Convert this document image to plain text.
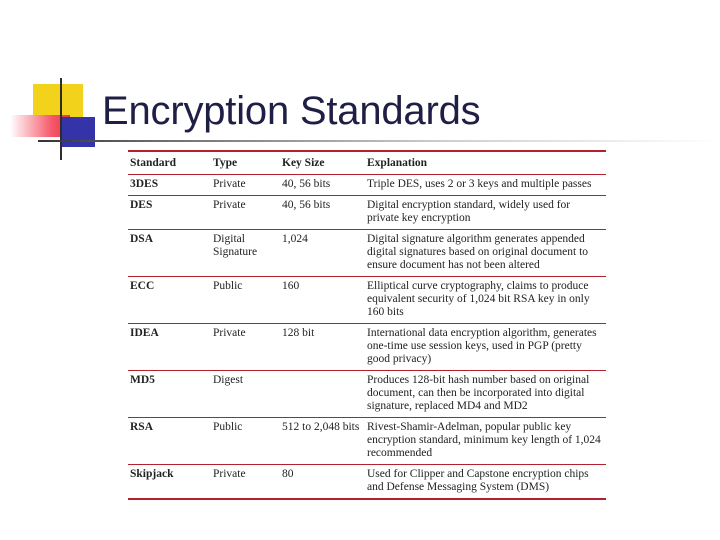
Encryption Standards
Standard	Type	Key Size	Explanation
3DES	Private	40, 56 bits	Triple DES, uses 2 or 3 keys and multiple passes
DES	Private	40, 56 bits	Digital encryption standard, widely used for private key encryption
DSA	Digital Signature	1,024	Digital signature algorithm generates appended digital signatures based on original document to ensure document has not been altered
ECC	Public	160	Elliptical curve cryptography, claims to produce equivalent security of 1,024 bit RSA key in only 160 bits
IDEA	Private	128 bit	International data encryption algorithm, generates one-time use session keys, used in PGP (pretty good privacy)
MD5	Digest		Produces 128-bit hash number based on original document, can then be incorporated into digital signature, replaced MD4 and MD2
RSA	Public	512 to 2,048 bits	Rivest-Shamir-Adelman, popular public key encryption standard, minimum key length of 1,024 recommended
Skipjack	Private	80	Used for Clipper and Capstone encryption chips and Defense Messaging System (DMS)
